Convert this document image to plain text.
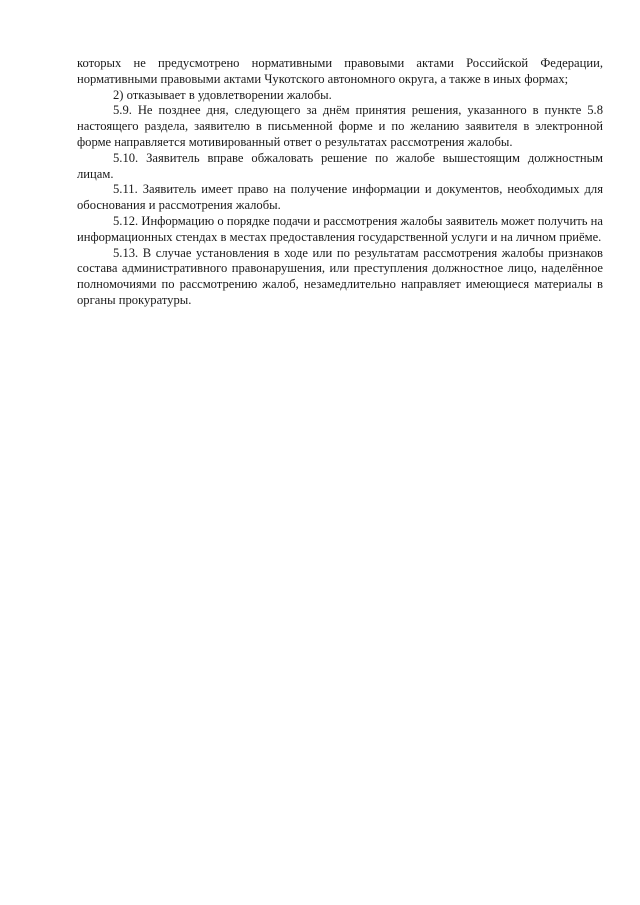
которых не предусмотрено нормативными правовыми актами Российской Федерации, нормативными правовыми актами Чукотского автономного округа, а также в иных формах;

2) отказывает в удовлетворении жалобы.

5.9. Не позднее дня, следующего за днём принятия решения, указанного в пункте 5.8 настоящего раздела, заявителю в письменной форме и по желанию заявителя в электронной форме направляется мотивированный ответ о результатах рассмотрения жалобы.

5.10. Заявитель вправе обжаловать решение по жалобе вышестоящим должностным лицам.

5.11. Заявитель имеет право на получение информации и документов, необходимых для обоснования и рассмотрения жалобы.

5.12. Информацию о порядке подачи и рассмотрения жалобы заявитель может получить на информационных стендах в местах предоставления государственной услуги и на личном приёме.

5.13. В случае установления в ходе или по результатам рассмотрения жалобы признаков состава административного правонарушения, или преступления должностное лицо, наделённое полномочиями по рассмотрению жалоб, незамедлительно направляет имеющиеся материалы в органы прокуратуры.
